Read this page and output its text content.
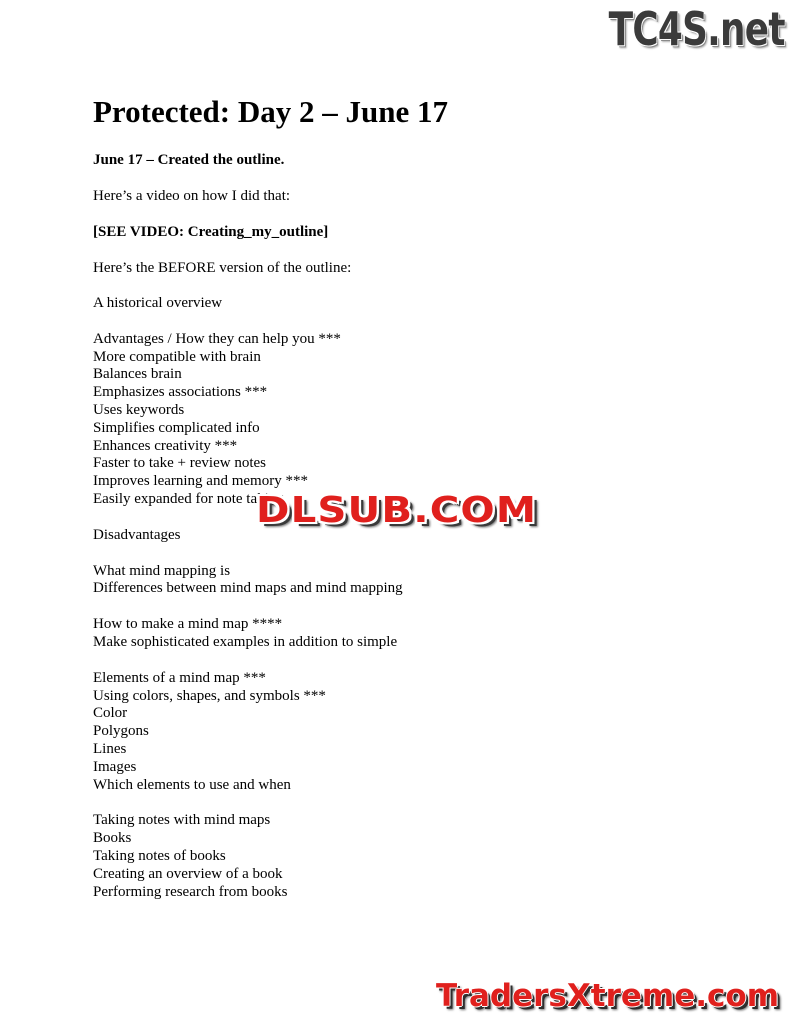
TC4S.net
Protected: Day 2 – June 17

June 17 – Created the outline.

Here’s a video on how I did that:

[SEE VIDEO: Creating_my_outline]

Here’s the BEFORE version of the outline:

A historical overview
Advantages / How they can help you ***
More compatible with brain
Balances brain
Emphasizes associations ***
Uses keywords
Simplifies complicated info
Enhances creativity ***
Faster to take + review notes
Improves learning and memory ***
Easily expanded for note taking
Disadvantages
What mind mapping is
Differences between mind maps and mind mapping
How to make a mind map ****
Make sophisticated examples in addition to simple
Elements of a mind map ***
Using colors, shapes, and symbols ***
Color
Polygons
Lines
Images
Which elements to use and when
Taking notes with mind maps
Books
Taking notes of books
Creating an overview of a book
Performing research from books
DLSUB.COM
TradersXtreme.com
